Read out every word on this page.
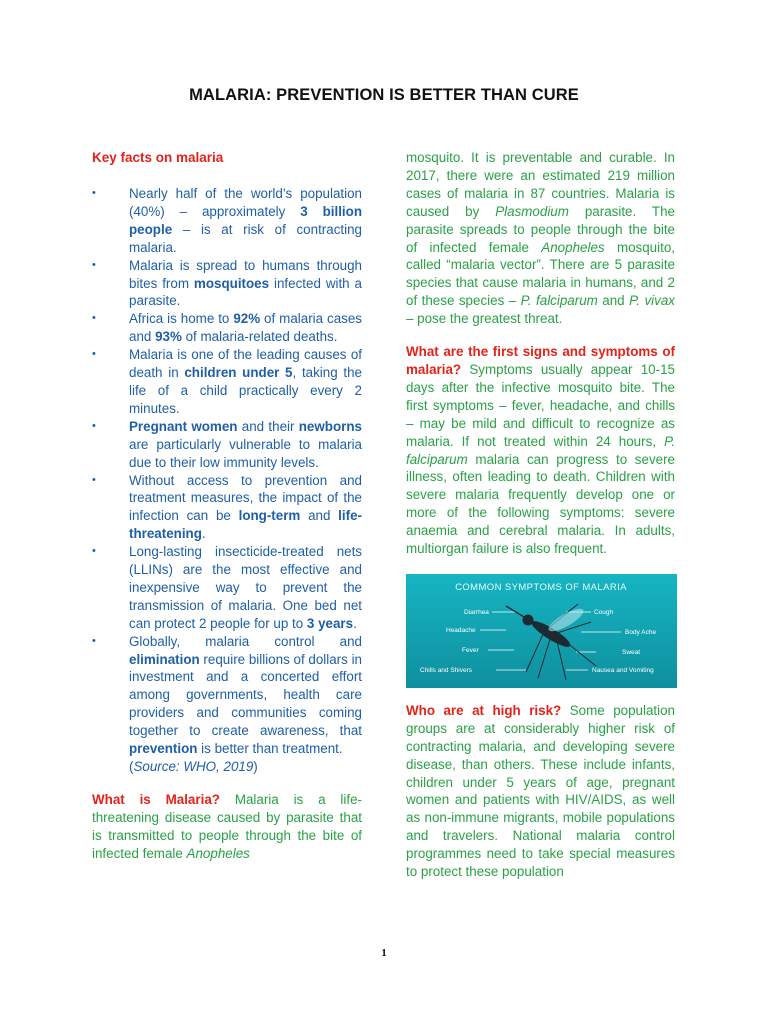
MALARIA: PREVENTION IS BETTER THAN CURE
Key facts on malaria
• Nearly half of the world’s population (40%) – approximately 3 billion people – is at risk of contracting malaria.
• Malaria is spread to humans through bites from mosquitoes infected with a parasite.
• Africa is home to 92% of malaria cases and 93% of malaria-related deaths.
• Malaria is one of the leading causes of death in children under 5, taking the life of a child practically every 2 minutes.
• Pregnant women and their newborns are particularly vulnerable to malaria due to their low immunity levels.
• Without access to prevention and treatment measures, the impact of the infection can be long-term and life-threatening.
• Long-lasting insecticide-treated nets (LLINs) are the most effective and inexpensive way to prevent the transmission of malaria. One bed net can protect 2 people for up to 3 years.
• Globally, malaria control and elimination require billions of dollars in investment and a concerted effort among governments, health care providers and communities coming together to create awareness, that prevention is better than treatment.
(Source: WHO, 2019)

What is Malaria? Malaria is a life-threatening disease caused by parasite that is transmitted to people through the bite of infected female Anopheles

mosquito. It is preventable and curable. In 2017, there were an estimated 219 million cases of malaria in 87 countries. Malaria is caused by Plasmodium parasite. The parasite spreads to people through the bite of infected female Anopheles mosquito, called “malaria vector”. There are 5 parasite species that cause malaria in humans, and 2 of these species – P. falciparum and P. vivax – pose the greatest threat.

What are the first signs and symptoms of malaria? Symptoms usually appear 10-15 days after the infective mosquito bite. The first symptoms – fever, headache, and chills – may be mild and difficult to recognize as malaria. If not treated within 24 hours, P. falciparum malaria can progress to severe illness, often leading to death. Children with severe malaria frequently develop one or more of the following symptoms: severe anaemia and cerebral malaria. In adults, multiorgan failure is also frequent.

COMMON SYMPTOMS OF MALARIA
Diarrhea	Cough
Headache	Body Ache
Fever	Sweat
Chills and Shivers	Nausea and Vomiting

Who are at high risk? Some population groups are at considerably higher risk of contracting malaria, and developing severe disease, than others. These include infants, children under 5 years of age, pregnant women and patients with HIV/AIDS, as well as non-immune migrants, mobile populations and travelers. National malaria control programmes need to take special measures to protect these population

1
